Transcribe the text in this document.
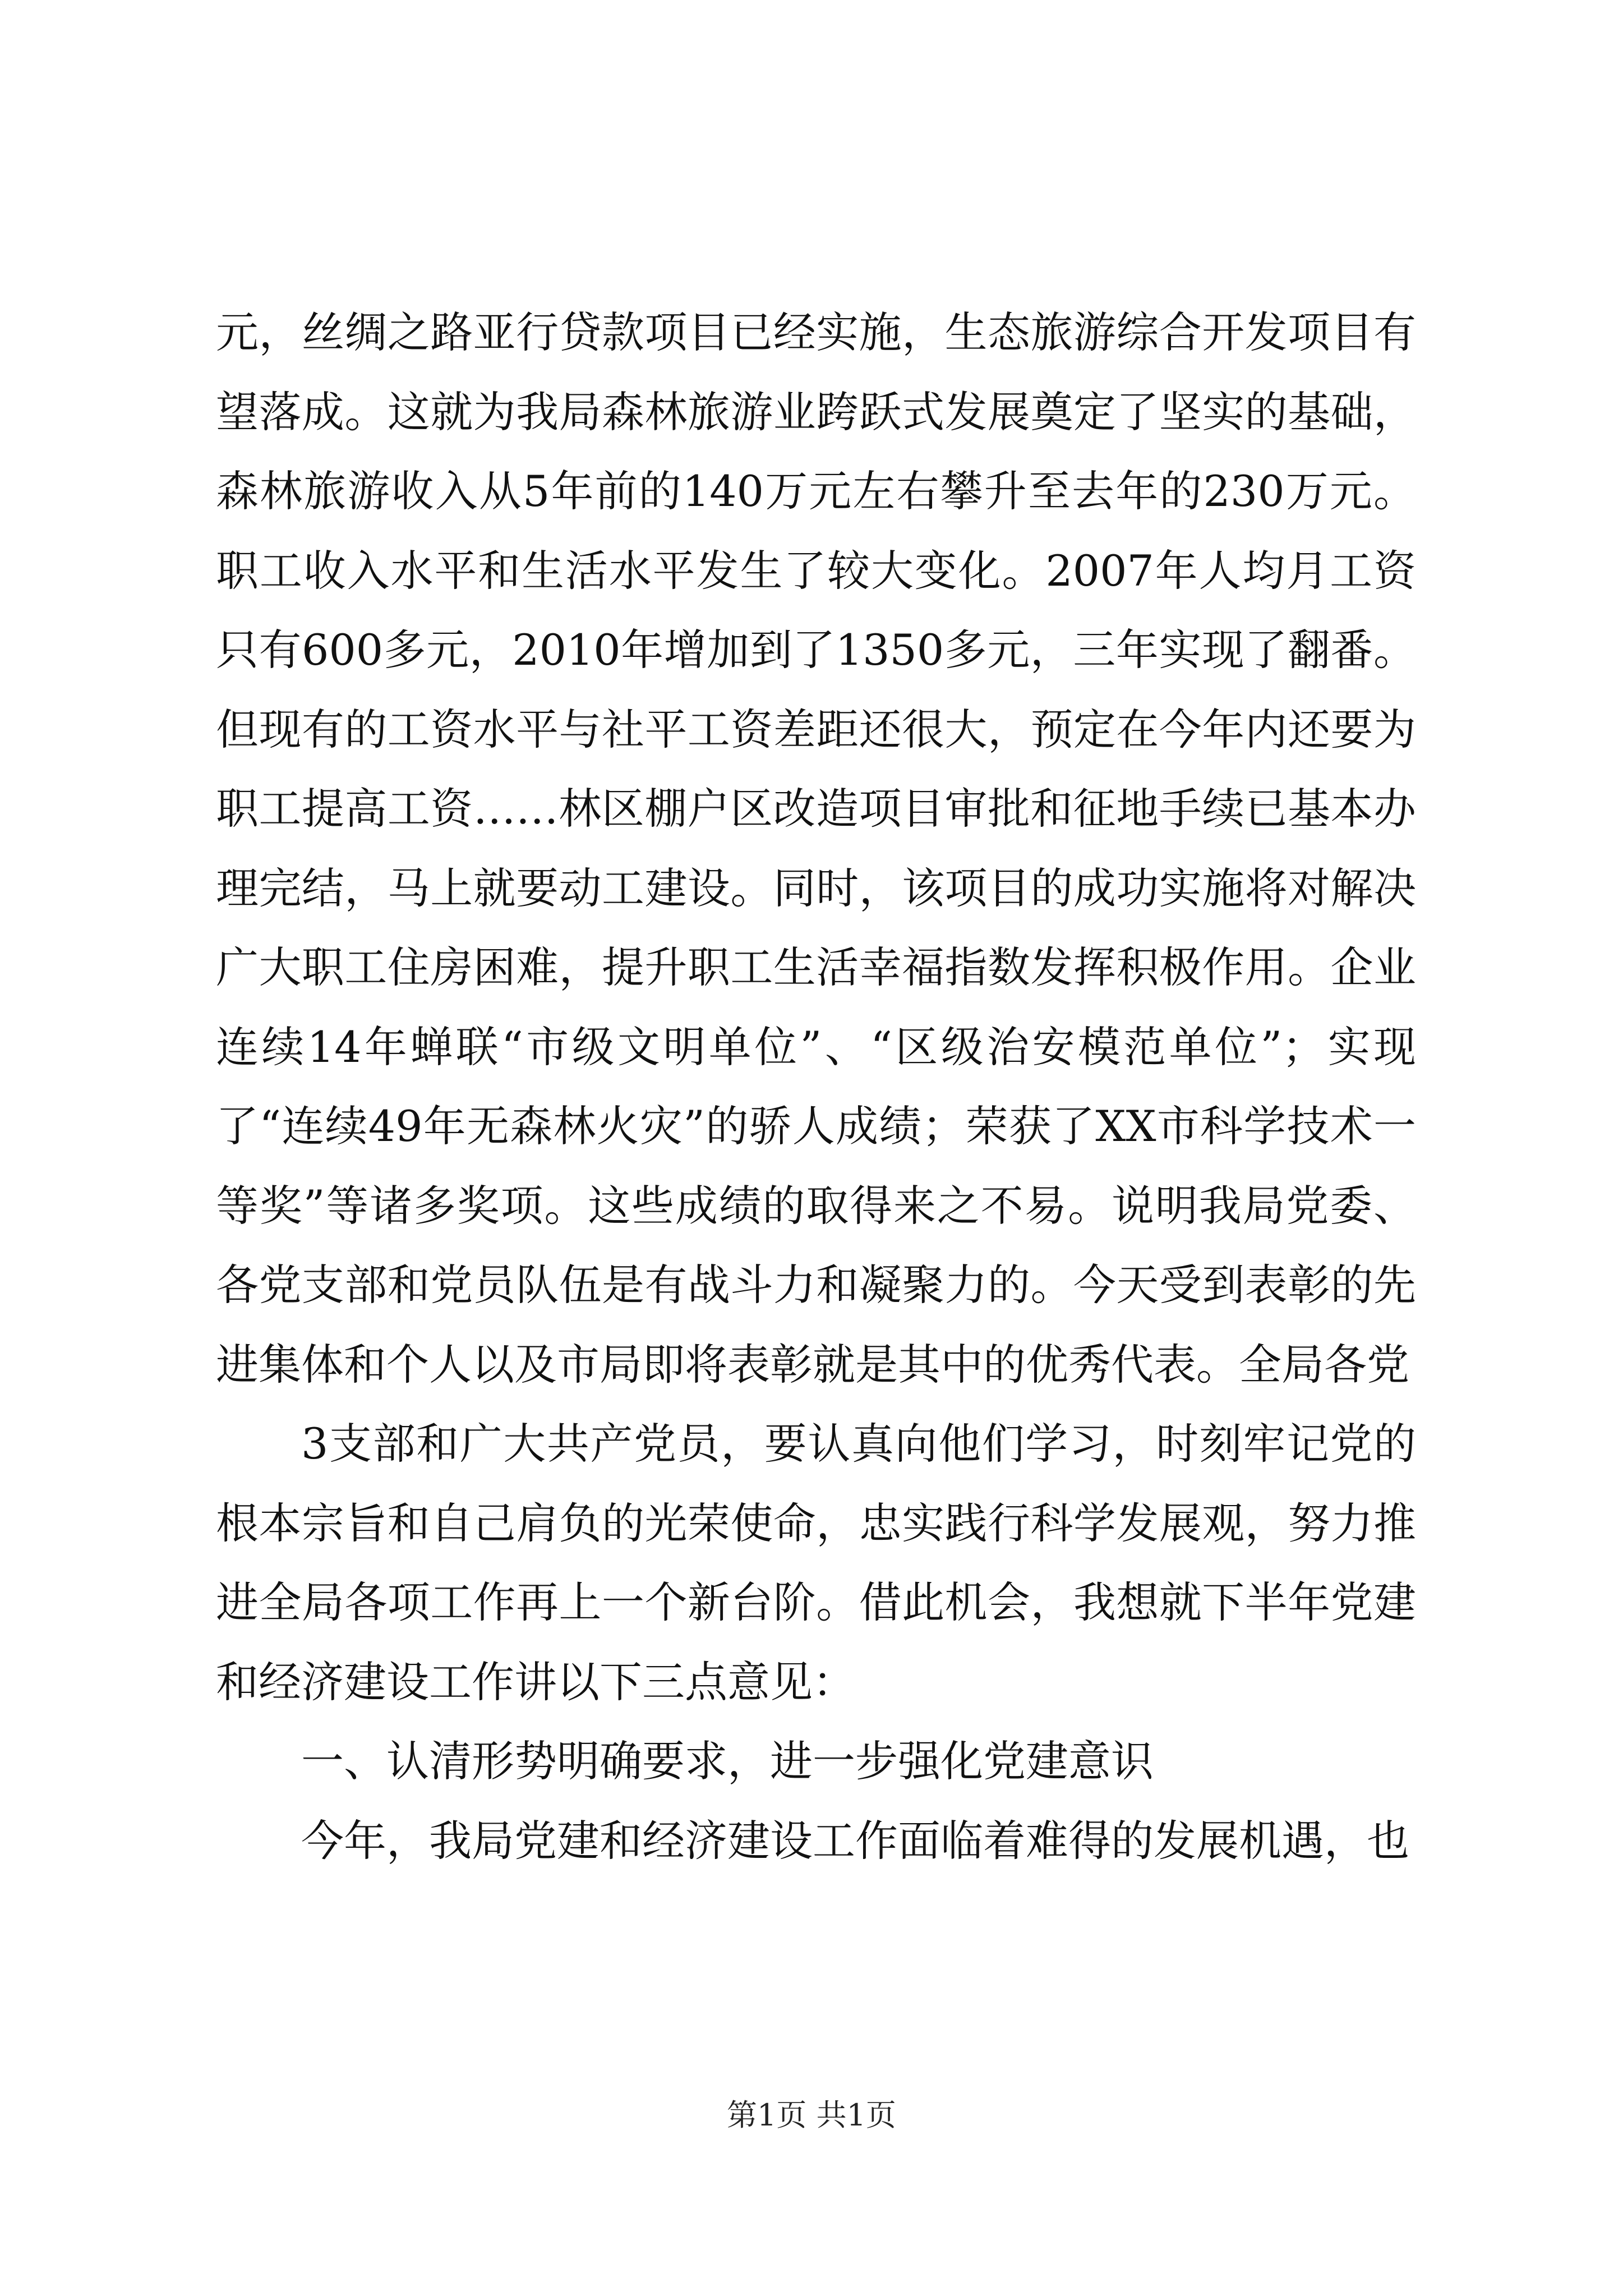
元，丝绸之路亚行贷款项目已经实施，生态旅游综合开发项目有望落成。这就为我局森林旅游业跨跃式发展奠定了坚实的基础，森林旅游收入从5年前的140万元左右攀升至去年的230万元。职工收入水平和生活水平发生了较大变化。2007年人均月工资只有600多元，2010年增加到了1350多元，三年实现了翻番。但现有的工资水平与社平工资差距还很大，预定在今年内还要为职工提高工资……林区棚户区改造项目审批和征地手续已基本办理完结，马上就要动工建设。同时，该项目的成功实施将对解决广大职工住房困难，提升职工生活幸福指数发挥积极作用。企业连续14年蝉联“市级文明单位”、“区级治安模范单位”；实现了“连续49年无森林火灾”的骄人成绩；荣获了XX市科学技术一等奖”等诸多奖项。这些成绩的取得来之不易。说明我局党委、各党支部和党员队伍是有战斗力和凝聚力的。今天受到表彰的先进集体和个人以及市局即将表彰就是其中的优秀代表。全局各党

3支部和广大共产党员，要认真向他们学习，时刻牢记党的根本宗旨和自己肩负的光荣使命，忠实践行科学发展观，努力推进全局各项工作再上一个新台阶。借此机会，我想就下半年党建和经济建设工作讲以下三点意见：

一、认清形势明确要求，进一步强化党建意识

今年，我局党建和经济建设工作面临着难得的发展机遇，也

第1页 共1页
